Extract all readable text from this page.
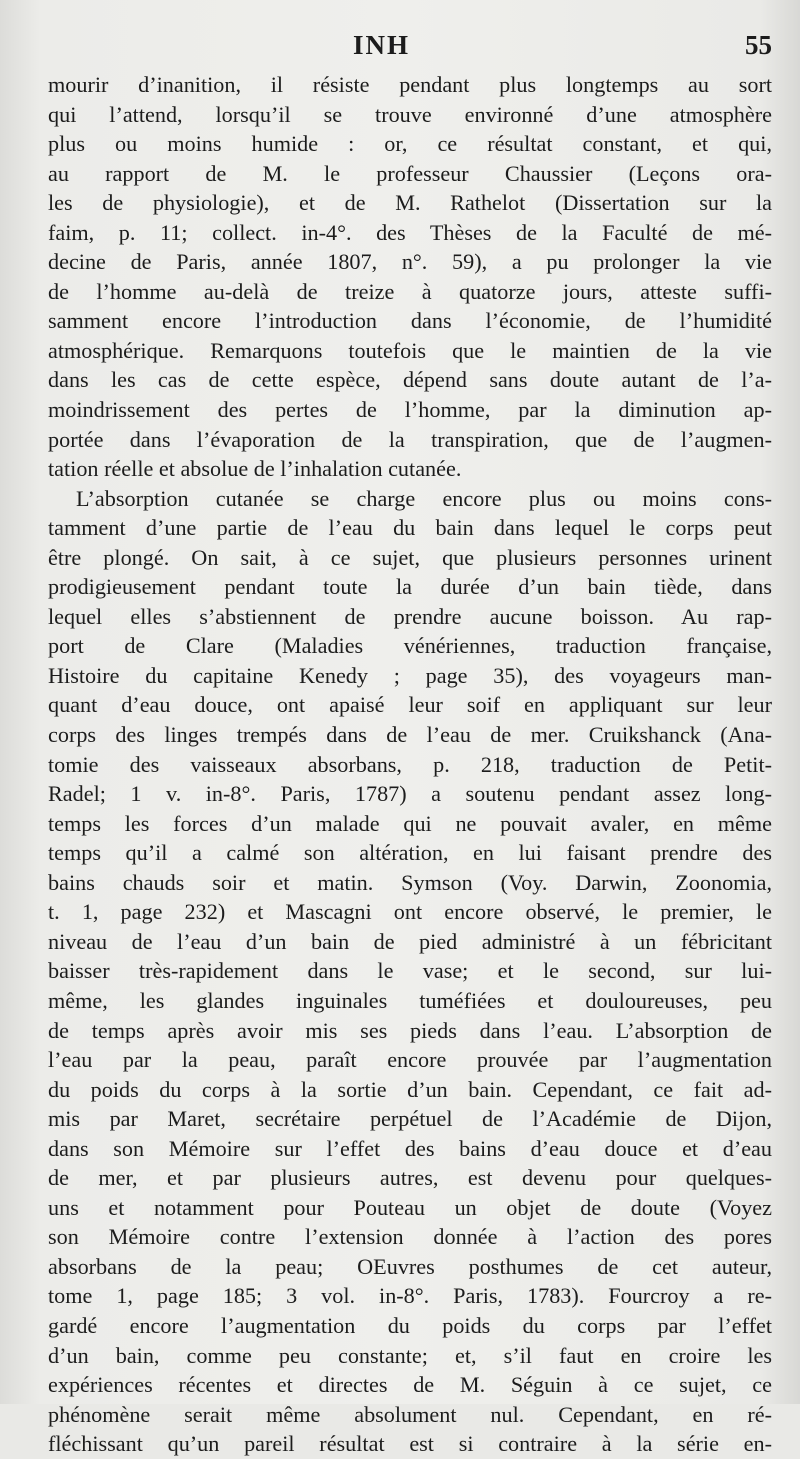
INH	55
mourir d’inanition, il résiste pendant plus longtemps au sort
qui l’attend, lorsqu’il se trouve environné d’une atmosphère
plus ou moins humide : or, ce résultat constant, et qui,
au rapport de M. le professeur Chaussier (Leçons ora-
les de physiologie), et de M. Rathelot (Dissertation sur la
faim, p. 11; collect. in-4°. des Thèses de la Faculté de mé-
decine de Paris, année 1807, n°. 59), a pu prolonger la vie
de l’homme au-delà de treize à quatorze jours, atteste suffi-
samment encore l’introduction dans l’économie, de l’humidité
atmosphérique. Remarquons toutefois que le maintien de la vie
dans les cas de cette espèce, dépend sans doute autant de l’a-
moindrissement des pertes de l’homme, par la diminution ap-
portée dans l’évaporation de la transpiration, que de l’augmen-
tation réelle et absolue de l’inhalation cutanée.
L’absorption cutanée se charge encore plus ou moins cons-
tamment d’une partie de l’eau du bain dans lequel le corps peut
être plongé. On sait, à ce sujet, que plusieurs personnes urinent
prodigieusement pendant toute la durée d’un bain tiède, dans
lequel elles s’abstiennent de prendre aucune boisson. Au rap-
port de Clare (Maladies vénériennes, traduction française,
Histoire du capitaine Kenedy ; page 35), des voyageurs man-
quant d’eau douce, ont apaisé leur soif en appliquant sur leur
corps des linges trempés dans de l’eau de mer. Cruikshanck (Ana-
tomie des vaisseaux absorbans, p. 218, traduction de Petit-
Radel; 1 v. in-8°. Paris, 1787) a soutenu pendant assez long-
temps les forces d’un malade qui ne pouvait avaler, en même
temps qu’il a calmé son altération, en lui faisant prendre des
bains chauds soir et matin. Symson (Voy. Darwin, Zoonomia,
t. 1, page 232) et Mascagni ont encore observé, le premier, le
niveau de l’eau d’un bain de pied administré à un fébricitant
baisser très-rapidement dans le vase; et le second, sur lui-
même, les glandes inguinales tuméfiées et douloureuses, peu
de temps après avoir mis ses pieds dans l’eau. L’absorption de
l’eau par la peau, paraît encore prouvée par l’augmentation
du poids du corps à la sortie d’un bain. Cependant, ce fait ad-
mis par Maret, secrétaire perpétuel de l’Académie de Dijon,
dans son Mémoire sur l’effet des bains d’eau douce et d’eau
de mer, et par plusieurs autres, est devenu pour quelques-
uns et notamment pour Pouteau un objet de doute (Voyez
son Mémoire contre l’extension donnée à l’action des pores
absorbans de la peau; OEuvres posthumes de cet auteur,
tome 1, page 185; 3 vol. in-8°. Paris, 1783). Fourcroy a re-
gardé encore l’augmentation du poids du corps par l’effet
d’un bain, comme peu constante; et, s’il faut en croire les
expériences récentes et directes de M. Séguin à ce sujet, ce
phénomène serait même absolument nul. Cependant, en ré-
fléchissant qu’un pareil résultat est si contraire à la série en-
